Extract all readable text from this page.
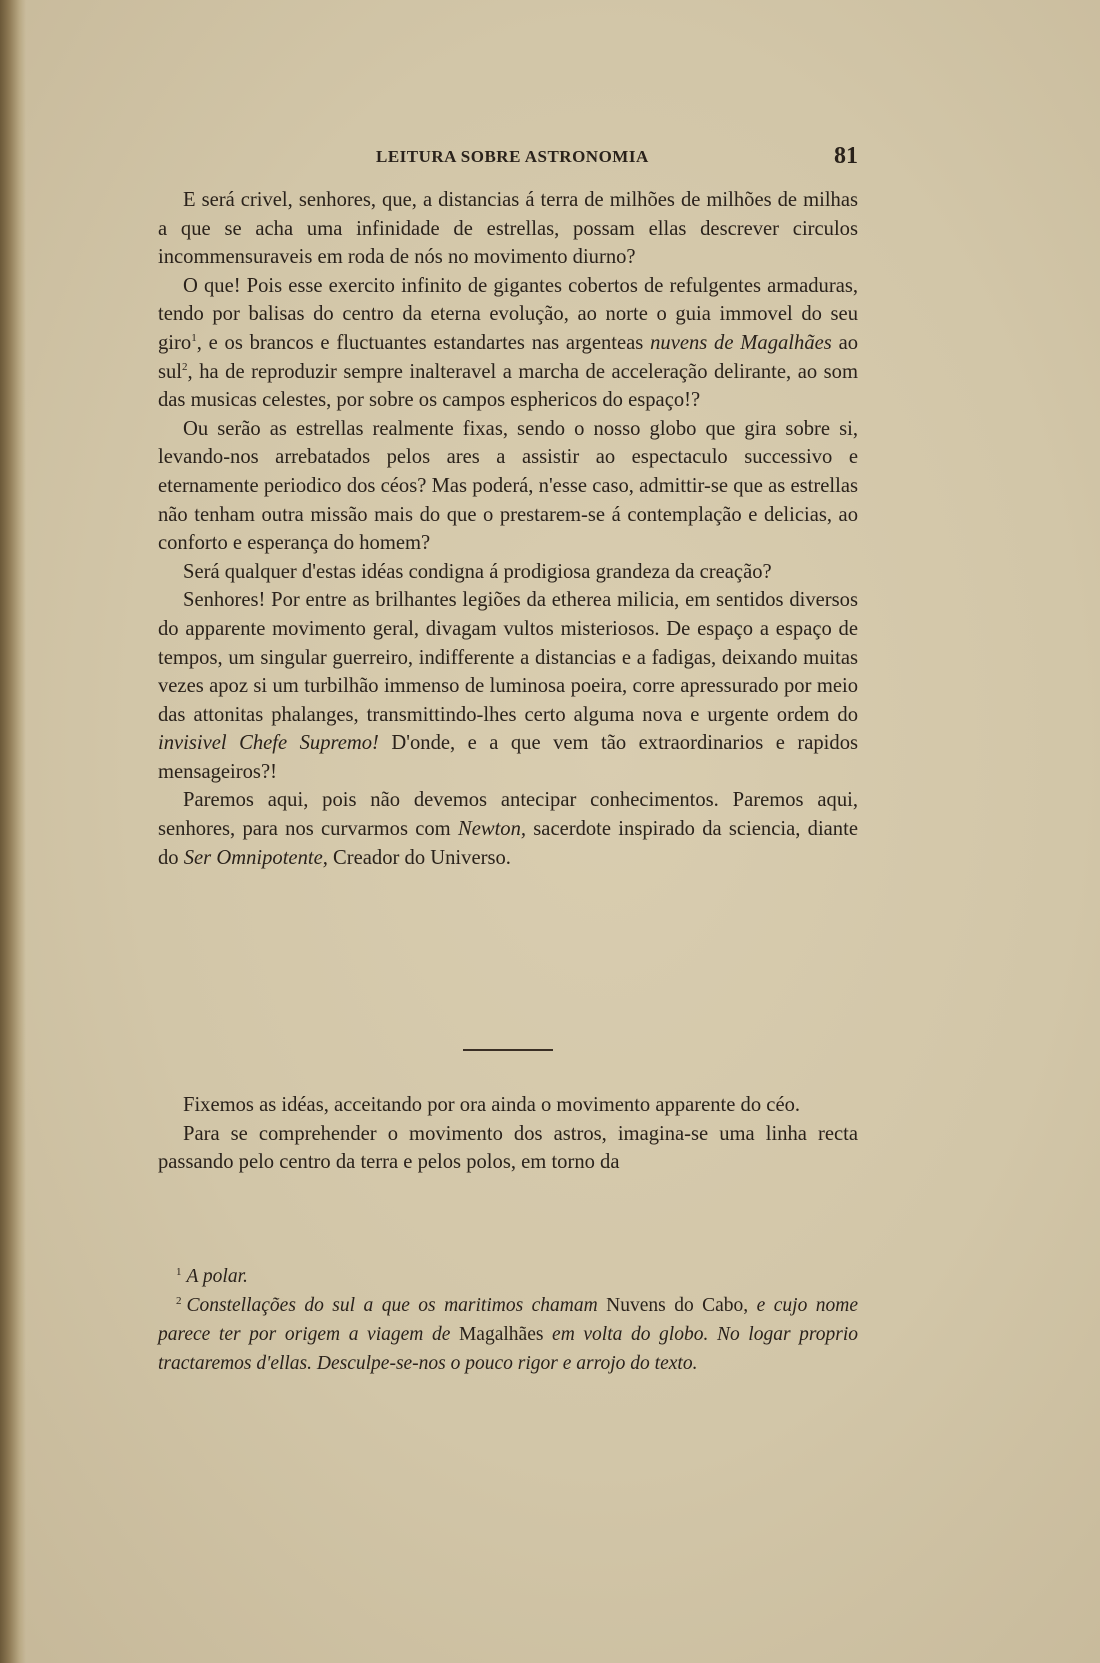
LEITURA SOBRE ASTRONOMIA	81

E será crivel, senhores, que, a distancias á terra de milhões de milhões de milhas a que se acha uma infinidade de estrellas, possam ellas descrever circulos incommensuraveis em roda de nós no movimento diurno?

O que! Pois esse exercito infinito de gigantes cobertos de refulgentes armaduras, tendo por balisas do centro da eterna evolução, ao norte o guia immovel do seu giro$^1$, e os brancos e fluctuantes estandartes nas argenteas nuvens de Magalhães ao sul$^2$, ha de reproduzir sempre inalteravel a marcha de acceleração delirante, ao som das musicas celestes, por sobre os campos esphericos do espaço!?

Ou serão as estrellas realmente fixas, sendo o nosso globo que gira sobre si, levando-nos arrebatados pelos ares a assistir ao espectaculo successivo e eternamente periodico dos céos? Mas poderá, n'esse caso, admittir-se que as estrellas não tenham outra missão mais do que o prestarem-se á contemplação e delicias, ao conforto e esperança do homem?

Será qualquer d'estas idéas condigna á prodigiosa grandeza da creação?

Senhores! Por entre as brilhantes legiões da etherea milicia, em sentidos diversos do apparente movimento geral, divagam vultos misteriosos. De espaço a espaço de tempos, um singular guerreiro, indifferente a distancias e a fadigas, deixando muitas vezes apoz si um turbilhão immenso de luminosa poeira, corre apressurado por meio das attonitas phalanges, transmittindo-lhes certo alguma nova e urgente ordem do invisivel Chefe Supremo! D'onde, e a que vem tão extraordinarios e rapidos mensageiros?!

Paremos aqui, pois não devemos antecipar conhecimentos. Paremos aqui, senhores, para nos curvarmos com Newton, sacerdote inspirado da sciencia, diante do Ser Omnipotente, Creador do Universo.

Fixemos as idéas, acceitando por ora ainda o movimento apparente do céo.

Para se comprehender o movimento dos astros, imagina-se uma linha recta passando pelo centro da terra e pelos polos, em torno da

$^1$ A polar.

$^2$ Constellações do sul a que os maritimos chamam Nuvens do Cabo, e cujo nome parece ter por origem a viagem de Magalhães em volta do globo. No logar proprio tractaremos d'ellas. Desculpe-se-nos o pouco rigor e arrojo do texto.
